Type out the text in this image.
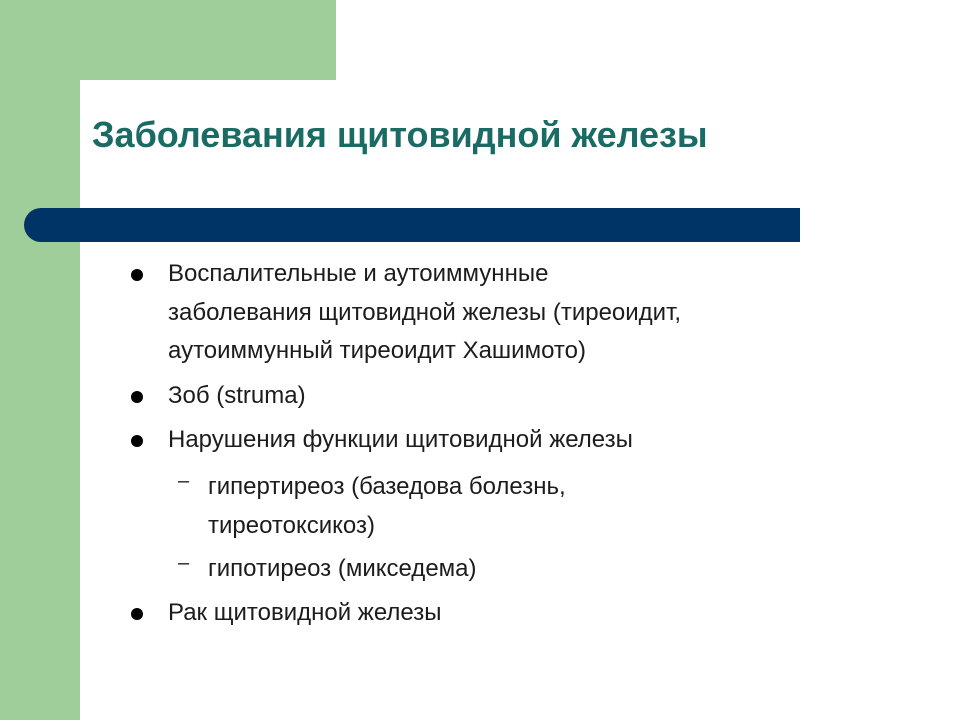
Заболевания щитовидной железы
Воспалительные и аутоиммунные
заболевания щитовидной железы (тиреоидит,
аутоиммунный тиреоидит Хашимото)
Зоб (struma)
Нарушения функции щитовидной железы
– гипертиреоз (базедова болезнь,
тиреотоксикоз)
– гипотиреоз (микседема)
Рак щитовидной железы
